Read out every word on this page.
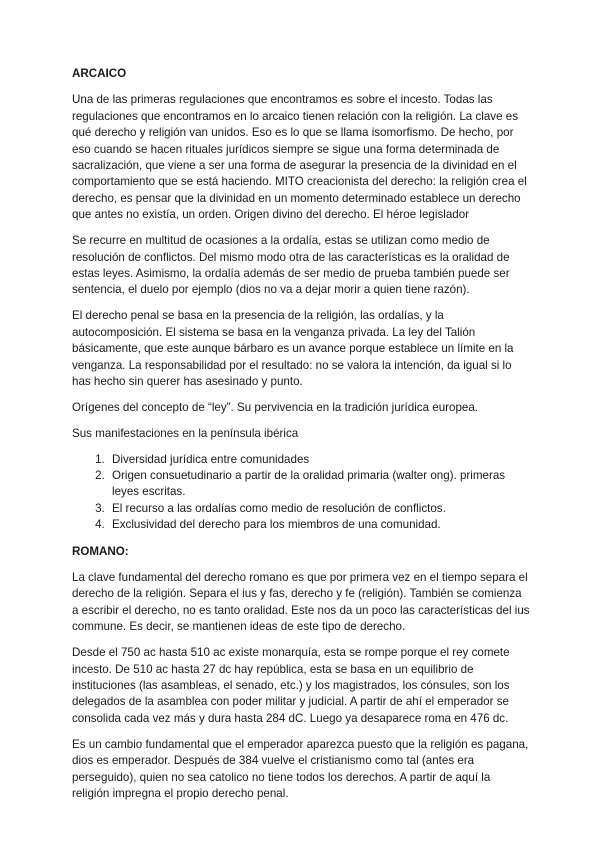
ARCAICO

Una de las primeras regulaciones que encontramos es sobre el incesto. Todas las regulaciones que encontramos en lo arcaico tienen relación con la religión. La clave es qué derecho y religión van unidos. Eso es lo que se llama isomorfismo. De hecho, por eso cuando se hacen rituales jurídicos siempre se sigue una forma determinada de sacralización, que viene a ser una forma de asegurar la presencia de la divinidad en el comportamiento que se está haciendo. MITO creacionista del derecho: la religión crea el derecho, es pensar que la divinidad en un momento determinado establece un derecho que antes no existía, un orden. Origen divino del derecho. El héroe legislador

Se recurre en multitud de ocasiones a la ordalía, estas se utilizan como medio de resolución de conflictos. Del mismo modo otra de las características es la oralidad de estas leyes. Asimismo, la ordalía además de ser medio de prueba también puede ser sentencia, el duelo por ejemplo (dios no va a dejar morir a quien tiene razón).

El derecho penal se basa en la presencia de la religión, las ordalías, y la autocomposición. El sistema se basa en la venganza privada. La ley del Talión básicamente, que este aunque bárbaro es un avance porque establece un límite en la venganza. La responsabilidad por el resultado: no se valora la intención, da igual si lo has hecho sin querer has asesinado y punto.

Orígenes del concepto de “ley”. Su pervivencia en la tradición jurídica europea.

Sus manifestaciones en la península ibérica

1. Diversidad jurídica entre comunidades
2. Origen consuetudinario a partir de la oralidad primaria (walter ong). primeras leyes escritas.
3. El recurso a las ordalías como medio de resolución de conflictos.
4. Exclusividad del derecho para los miembros de una comunidad.
ROMANO:

La clave fundamental del derecho romano es que por primera vez en el tiempo separa el derecho de la religión. Separa el ius y fas, derecho y fe (religión). También se comienza a escribir el derecho, no es tanto oralidad. Este nos da un poco las características del ius commune. Es decir, se mantienen ideas de este tipo de derecho.

Desde el 750 ac hasta 510 ac existe monarquía, esta se rompe porque el rey comete incesto. De 510 ac hasta 27 dc hay república, esta se basa en un equilibrio de instituciones (las asambleas, el senado, etc.) y los magistrados, los cónsules, son los delegados de la asamblea con poder militar y judicial. A partir de ahí el emperador se consolida cada vez más y dura hasta 284 dC. Luego ya desaparece roma en 476 dc.

Es un cambio fundamental que el emperador aparezca puesto que la religión es pagana, dios es emperador. Después de 384 vuelve el cristianismo como tal (antes era perseguido), quien no sea catolico no tiene todos los derechos. A partir de aquí la religión impregna el propio derecho penal.
